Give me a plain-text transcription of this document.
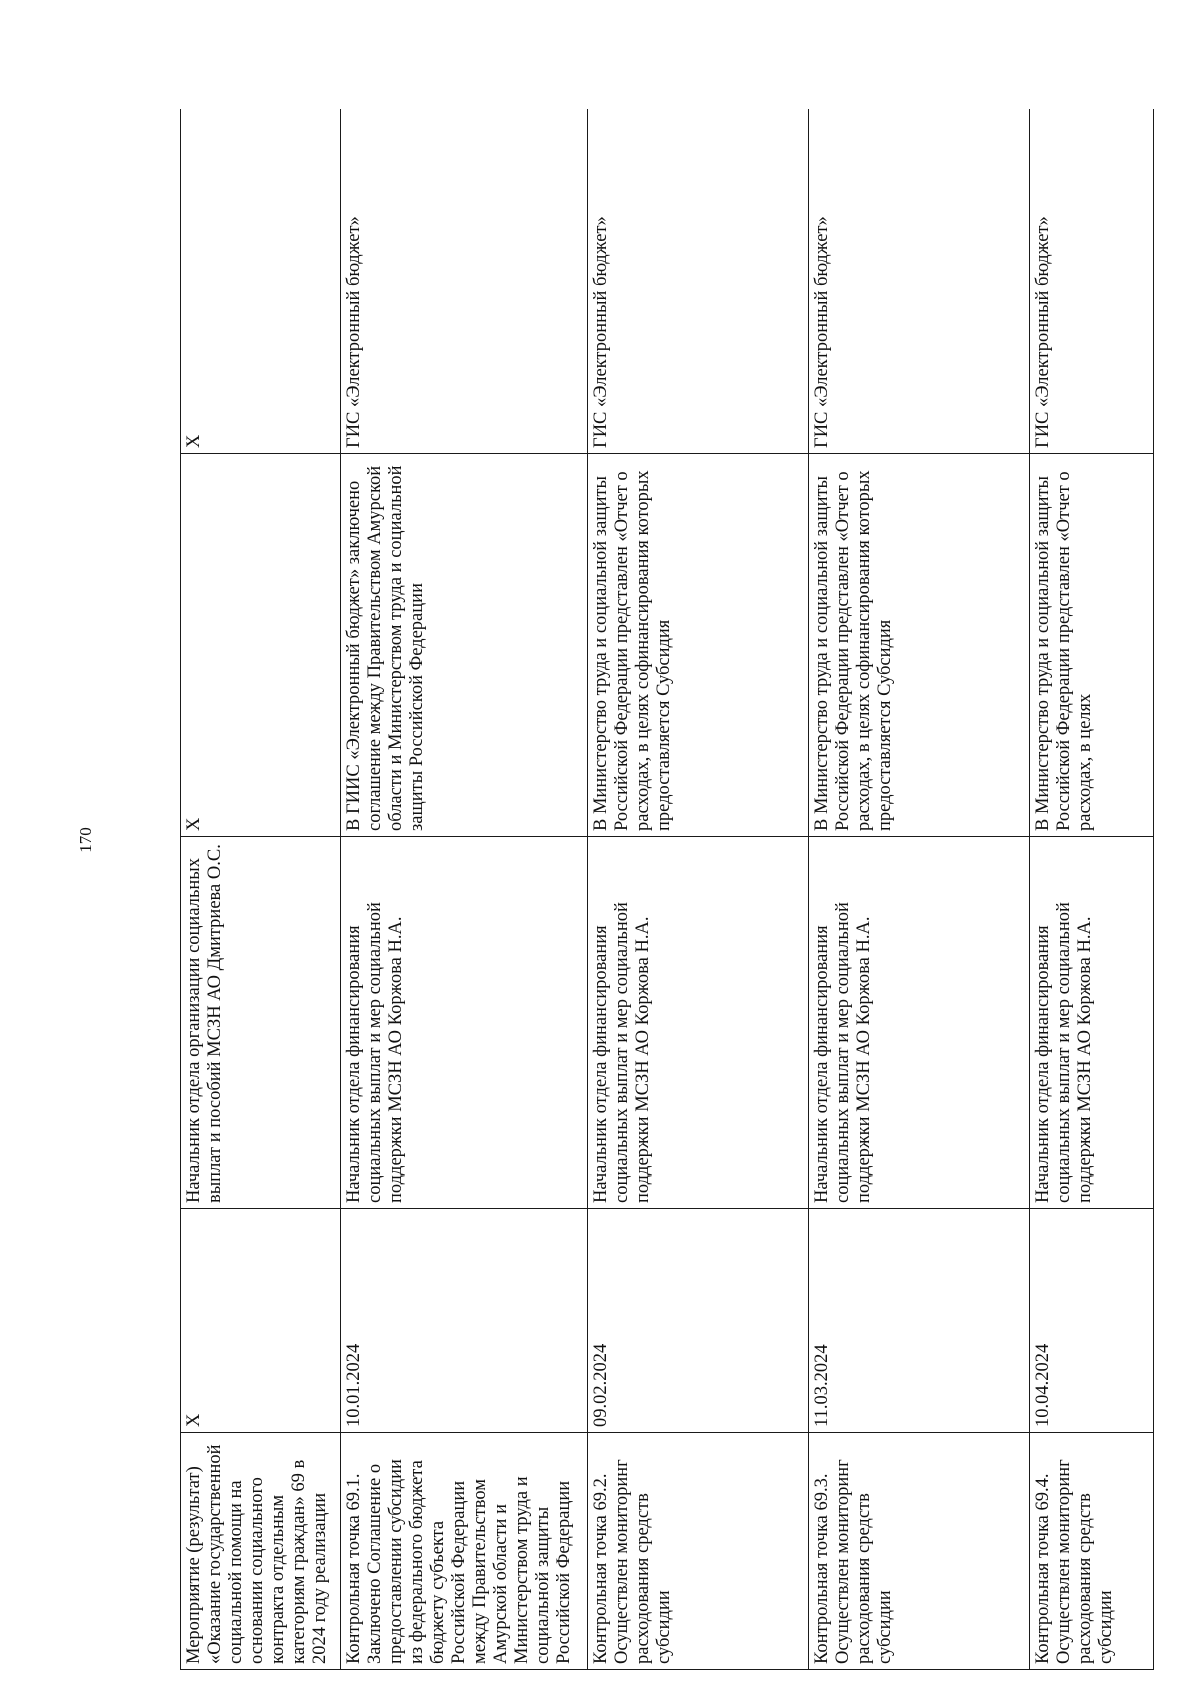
170
Мероприятие (результат) «Оказание государственной социальной помощи на основании социального контракта отдельным категориям граждан» 69 в 2024 году реализации	Х	Начальник отдела организации социальных выплат и пособий МСЗН АО Дмитриева О.С.	Х	Х
Контрольная точка 69.1. Заключено Соглашение о предоставлении субсидии из федерального бюджета бюджету субъекта Российской Федерации между Правительством Амурской области и Министерством труда и социальной защиты Российской Федерации	10.01.2024	Начальник отдела финансирования социальных выплат и мер социальной поддержки МСЗН АО Коржова Н.А.	В ГИИС «Электронный бюджет» заключено соглашение между Правительством Амурской области и Министерством труда и социальной защиты Российской Федерации	ГИС «Электронный бюджет»
Контрольная точка 69.2. Осуществлен мониторинг расходования средств субсидии	09.02.2024	Начальник отдела финансирования социальных выплат и мер социальной поддержки МСЗН АО Коржова Н.А.	В Министерство труда и социальной защиты Российской Федерации представлен «Отчет о расходах, в целях софинансирования которых предоставляется Субсидия	ГИС «Электронный бюджет»
Контрольная точка 69.3. Осуществлен мониторинг расходования средств субсидии	11.03.2024	Начальник отдела финансирования социальных выплат и мер социальной поддержки МСЗН АО Коржова Н.А.	В Министерство труда и социальной защиты Российской Федерации представлен «Отчет о расходах, в целях софинансирования которых предоставляется Субсидия	ГИС «Электронный бюджет»
Контрольная точка 69.4. Осуществлен мониторинг расходования средств субсидии	10.04.2024	Начальник отдела финансирования социальных выплат и мер социальной поддержки МСЗН АО Коржова Н.А.	В Министерство труда и социальной защиты Российской Федерации представлен «Отчет о расходах, в целях	ГИС «Электронный бюджет»
